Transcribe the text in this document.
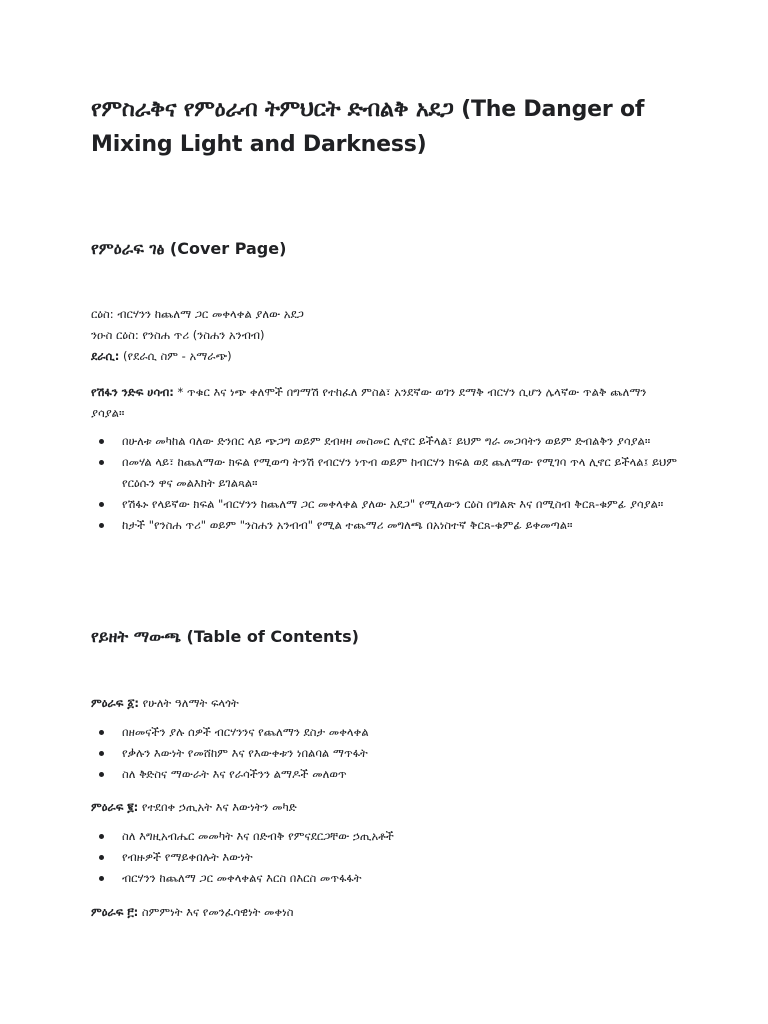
የምስራቅና የምዕራብ ትምህርት ድብልቅ አደጋ (The Danger of Mixing Light and Darkness)
የምዕራፍ ገፅ (Cover Page)
ርዕስ: ብርሃንን ከጨለማ ጋር መቀላቀል ያለው አደጋ
ንዑስ ርዕስ: የንስሐ ጥሪ (ንስሐን አንብብ)
ደራሲ: (የደራሲ ስም - አማራጭ)
የሽፋን ንድፍ ሀሳብ: * ጥቁር እና ነጭ ቀለሞች በግማሽ የተከፈለ ምስል፣ አንደኛው ወገን ደማቅ ብርሃን ሲሆን ሌላኛው ጥልቅ ጨለማን ያሳያል።
በሁለቱ መካከል ባለው ድንበር ላይ ጭጋግ ወይም ደብዛዛ መስመር ሊኖር ይችላል፣ ይህም ግራ መጋባትን ወይም ድብልቅን ያሳያል።
በመሃል ላይ፣ ከጨለማው ክፍል የሚወጣ ትንሽ የብርሃን ነጥብ ወይም ከብርሃን ክፍል ወደ ጨለማው የሚገባ ጥላ ሊኖር ይችላል፤ ይህም የርዕሱን ዋና መልእክት ይገልጻል።
የሽፋኑ የላይኛው ክፍል "ብርሃንን ከጨለማ ጋር መቀላቀል ያለው አደጋ" የሚለውን ርዕስ በግልጽ እና በሚስብ ቅርጸ-ቁምፊ ያሳያል።
ከታች "የንስሐ ጥሪ" ወይም "ንስሐን አንብብ" የሚል ተጨማሪ መግለጫ በአነስተኛ ቅርጸ-ቁምፊ ይቀመጣል።
የይዘት ማውጫ (Table of Contents)
ምዕራፍ ፩: የሁለት ዓለማት ፍላጎት
በዘመናችን ያሉ ሰዎች ብርሃንንና የጨለማን ደስታ መቀላቀል
የቃሉን እውነት የመሸከም እና የእውቀቱን ነበልባል ማጥፋት
ስለ ቅድስና ማውራት እና የራሳችንን ልማዶች መለወጥ
ምዕራፍ ፪: የተደበቀ ኃጢአት እና እውነትን መካድ
ስለ እግዚአብሔር መመካት እና በድብቅ የምናደርጋቸው ኃጢአቶች
የብዙዎች የማይቀበሉት እውነት
ብርሃንን ከጨለማ ጋር መቀላቀልና እርስ በእርስ መጥፋፋት
ምዕራፍ ፫: ስምምነት እና የመንፈሳዊነት መቀነስ
